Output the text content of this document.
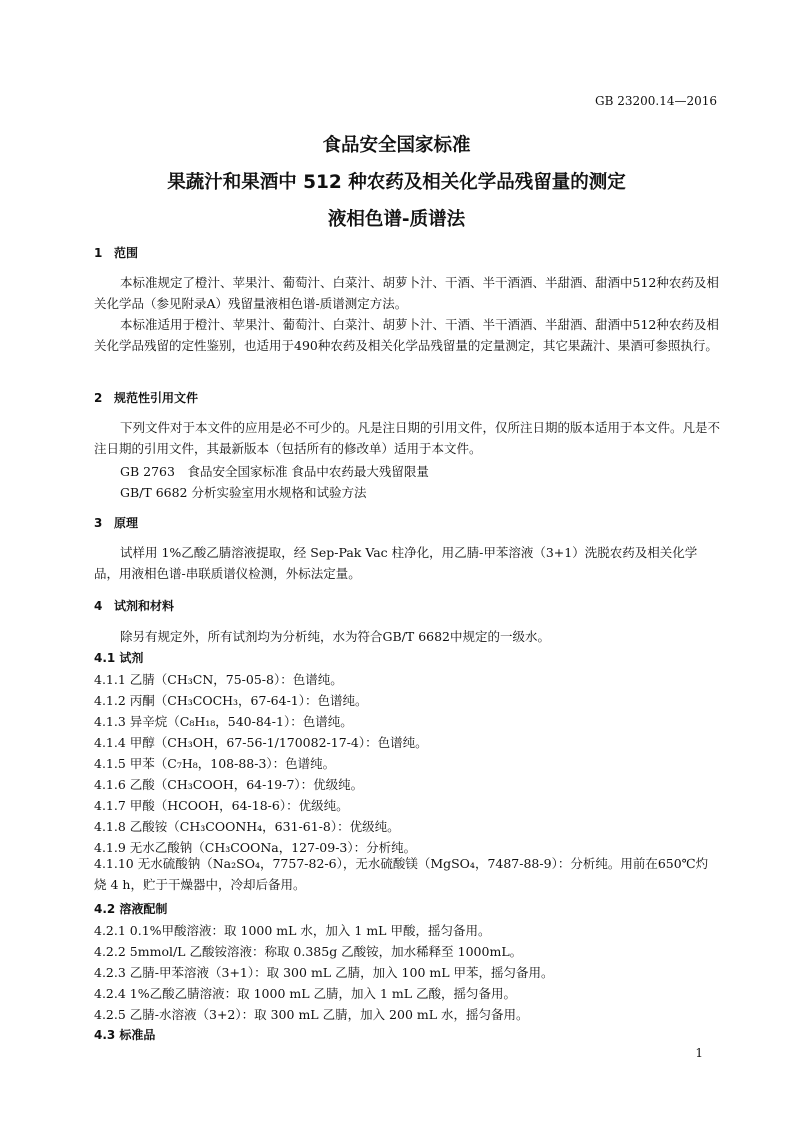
GB 23200.14—2016
食品安全国家标准
果蔬汁和果酒中 512 种农药及相关化学品残留量的测定
液相色谱-质谱法
1 范围
本标准规定了橙汁、苹果汁、葡萄汁、白菜汁、胡萝卜汁、干酒、半干酒酒、半甜酒、甜酒中512种农药及相关化学品（参见附录A）残留量液相色谱-质谱测定方法。
本标准适用于橙汁、苹果汁、葡萄汁、白菜汁、胡萝卜汁、干酒、半干酒酒、半甜酒、甜酒中512种农药及相关化学品残留的定性鉴别，也适用于490种农药及相关化学品残留量的定量测定，其它果蔬汁、果酒可参照执行。
2 规范性引用文件
下列文件对于本文件的应用是必不可少的。凡是注日期的引用文件，仅所注日期的版本适用于本文件。凡是不注日期的引用文件，其最新版本（包括所有的修改单）适用于本文件。
GB 2763　食品安全国家标准 食品中农药最大残留限量
GB/T 6682 分析实验室用水规格和试验方法
3 原理
试样用 1%乙酸乙腈溶液提取，经 Sep-Pak Vac 柱净化，用乙腈-甲苯溶液（3+1）洗脱农药及相关化学品，用液相色谱-串联质谱仪检测，外标法定量。
4 试剂和材料
除另有规定外，所有试剂均为分析纯，水为符合GB/T 6682中规定的一级水。
4.1 试剂
4.1.1 乙腈（CH₃CN，75-05-8）：色谱纯。
4.1.2 丙酮（CH₃COCH₃，67-64-1）：色谱纯。
4.1.3 异辛烷（C₈H₁₈，540-84-1）：色谱纯。
4.1.4 甲醇（CH₃OH，67-56-1/170082-17-4）：色谱纯。
4.1.5 甲苯（C₇H₈，108-88-3）：色谱纯。
4.1.6 乙酸（CH₃COOH，64-19-7）：优级纯。
4.1.7 甲酸（HCOOH，64-18-6）：优级纯。
4.1.8 乙酸铵（CH₃COONH₄，631-61-8）：优级纯。
4.1.9 无水乙酸钠（CH₃COONa，127-09-3）：分析纯。
4.1.10 无水硫酸钠（Na₂SO₄，7757-82-6），无水硫酸镁（MgSO₄，7487-88-9）：分析纯。用前在650℃灼烧 4 h，贮于干燥器中，冷却后备用。
4.2 溶液配制
4.2.1 0.1%甲酸溶液：取 1000 mL 水，加入 1 mL 甲酸，摇匀备用。
4.2.2 5mmol/L 乙酸铵溶液：称取 0.385g 乙酸铵，加水稀释至 1000mL。
4.2.3 乙腈-甲苯溶液（3+1）：取 300 mL 乙腈，加入 100 mL 甲苯，摇匀备用。
4.2.4 1%乙酸乙腈溶液：取 1000 mL 乙腈，加入 1 mL 乙酸，摇匀备用。
4.2.5 乙腈-水溶液（3+2）：取 300 mL 乙腈，加入 200 mL 水，摇匀备用。
4.3 标准品
1
